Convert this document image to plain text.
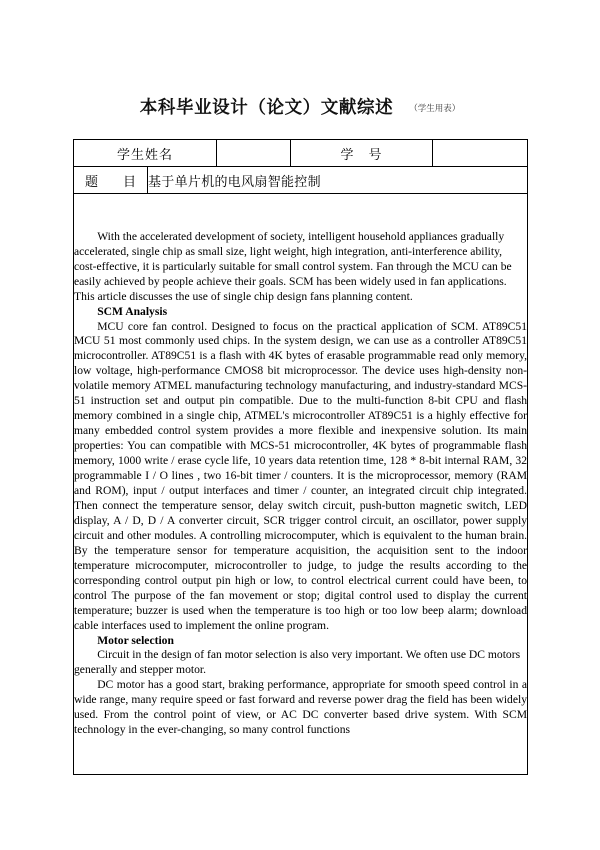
本科毕业设计（论文）文献综述 （学生用表）
学生姓名			学　号	
题　目	基于单片机的电风扇智能控制			

With the accelerated development of society, intelligent household appliances gradually accelerated, single chip as small size, light weight, high integration, anti-interference ability, cost-effective, it is particularly suitable for small control system. Fan through the MCU can be easily achieved by people achieve their goals. SCM has been widely used in fan applications. This article discusses the use of single chip design fans planning content.

SCM Analysis

MCU core fan control. Designed to focus on the practical application of SCM. AT89C51 MCU 51 most commonly used chips. In the system design, we can use as a controller AT89C51 microcontroller. AT89C51 is a flash with 4K bytes of erasable programmable read only memory, low voltage, high-performance CMOS8 bit microprocessor. The device uses high-density non-volatile memory ATMEL manufacturing technology manufacturing, and industry-standard MCS-51 instruction set and output pin compatible. Due to the multi-function 8-bit CPU and flash memory combined in a single chip, ATMEL's microcontroller AT89C51 is a highly effective for many embedded control system provides a more flexible and inexpensive solution. Its main properties: You can compatible with MCS-51 microcontroller, 4K bytes of programmable flash memory, 1000 write / erase cycle life, 10 years data retention time, 128 * 8-bit internal RAM, 32 programmable I / O lines , two 16-bit timer / counters. It is the microprocessor, memory (RAM and ROM), input / output interfaces and timer / counter, an integrated circuit chip integrated. Then connect the temperature sensor, delay switch circuit, push-button magnetic switch, LED display, A / D, D / A converter circuit, SCR trigger control circuit, an oscillator, power supply circuit and other modules. A controlling microcomputer, which is equivalent to the human brain. By the temperature sensor for temperature acquisition, the acquisition sent to the indoor temperature microcomputer, microcontroller to judge, to judge the results according to the corresponding control output pin high or low, to control electrical current could have been, to control The purpose of the fan movement or stop; digital control used to display the current temperature; buzzer is used when the temperature is too high or too low beep alarm; download cable interfaces used to implement the online program.

Motor selection

Circuit in the design of fan motor selection is also very important. We often use DC motors generally and stepper motor.

DC motor has a good start, braking performance, appropriate for smooth speed control in a wide range, many require speed or fast forward and reverse power drag the field has been widely used. From the control point of view, or AC DC converter based drive system. With SCM technology in the ever-changing, so many control functions
